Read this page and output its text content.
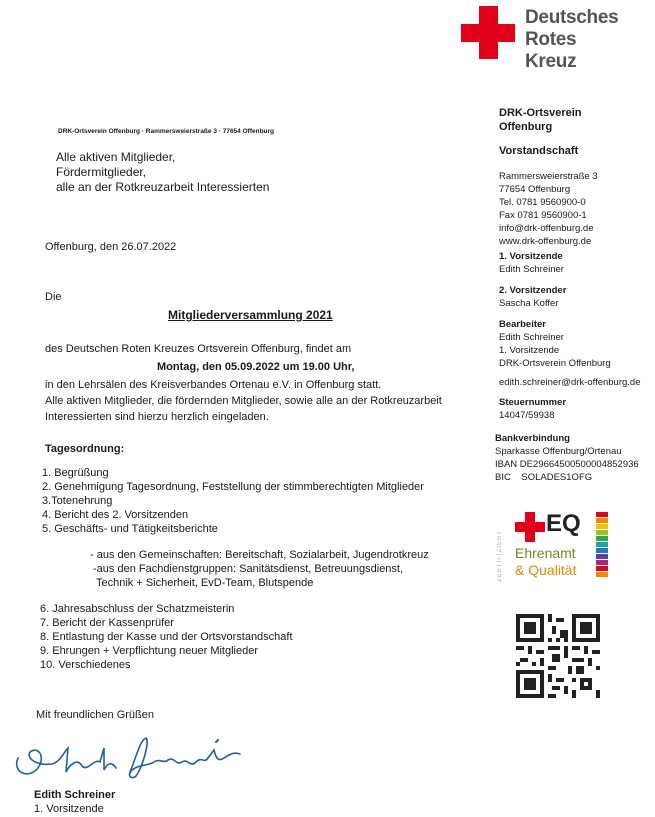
Deutsches
Rotes
Kreuz
DRK-Ortsverein Offenburg · Rammersweierstraße 3 · 77654 Offenburg
Alle aktiven Mitglieder,
Fördermitglieder,
alle an der Rotkreuzarbeit Interessierten
Offenburg, den 26.07.2022
Die
Mitgliederversammlung 2021
des Deutschen Roten Kreuzes Ortsverein Offenburg, findet am
Montag, den 05.09.2022 um 19.00 Uhr,
in den Lehrsälen des Kreisverbandes Ortenau e.V. in Offenburg statt.
Alle aktiven Mitglieder, die fördernden Mitglieder, sowie alle an der Rotkreuzarbeit
Interessierten sind hierzu herzlich eingeladen.
Tagesordnung:
1. Begrüßung
2. Genehmigung Tagesordnung, Feststellung der stimmberechtigten Mitglieder
3.Totenehrung
4. Bericht des 2. Vorsitzenden
5. Geschäfts- und Tätigkeitsberichte
- aus den Gemeinschaften: Bereitschaft, Sozialarbeit, Jugendrotkreuz
-aus den Fachdienstgruppen: Sanitätsdienst, Betreuungsdienst,
Technik + Sicherheit, EvD-Team, Blutspende
6. Jahresabschluss der Schatzmeisterin
7. Bericht der Kassenprüfer
8. Entlastung der Kasse und der Ortsvorstandschaft
9. Ehrungen + Verpflichtung neuer Mitglieder
10. Verschiedenes
Mit freundlichen Grüßen
Edith Schreiner
1. Vorsitzende
DRK-Ortsverein
Offenburg
Vorstandschaft
Rammersweierstraße 3
77654 Offenburg
Tel. 0781 9560900-0
Fax 0781 9560900-1
info@drk-offenburg.de
www.drk-offenburg.de
1. Vorsitzende
Edith Schreiner
2. Vorsitzender
Sascha Koffer
Bearbeiter
Edith Schreiner
1. Vorsitzende
DRK-Ortsverein Offenburg
edith.schreiner@drk-offenburg.de
Steuernummer
14047/59938
Bankverbindung
Sparkasse Offenburg/Ortenau
IBAN DE29664500500004852936
BIC    SOLADES1OFG
ZERTIFIZIERT
EQ
Ehrenamt
& Qualität
